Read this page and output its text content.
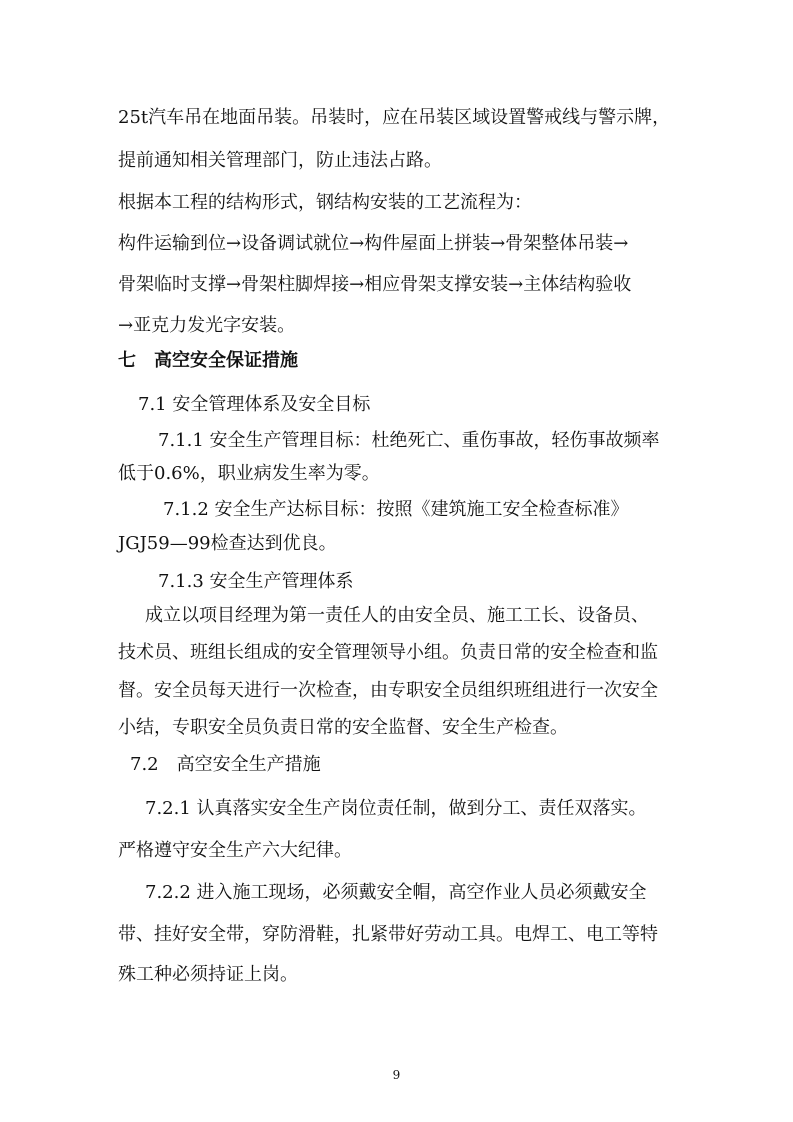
25t汽车吊在地面吊装。吊装时，应在吊装区域设置警戒线与警示牌，
提前通知相关管理部门，防止违法占路。
根据本工程的结构形式，钢结构安装的工艺流程为：
构件运输到位→设备调试就位→构件屋面上拼装→骨架整体吊装→
骨架临时支撑→骨架柱脚焊接→相应骨架支撑安装→主体结构验收
→亚克力发光字安装。
七　高空安全保证措施
7.1 安全管理体系及安全目标
7.1.1 安全生产管理目标：杜绝死亡、重伤事故，轻伤事故频率
低于0.6%，职业病发生率为零。
7.1.2 安全生产达标目标：按照《建筑施工安全检查标准》
JGJ59—99检查达到优良。
7.1.3 安全生产管理体系
成立以项目经理为第一责任人的由安全员、施工工长、设备员、
技术员、班组长组成的安全管理领导小组。负责日常的安全检查和监
督。安全员每天进行一次检查，由专职安全员组织班组进行一次安全
小结，专职安全员负责日常的安全监督、安全生产检查。
7.2　高空安全生产措施
7.2.1 认真落实安全生产岗位责任制，做到分工、责任双落实。
严格遵守安全生产六大纪律。
7.2.2 进入施工现场，必须戴安全帽，高空作业人员必须戴安全
带、挂好安全带，穿防滑鞋，扎紧带好劳动工具。电焊工、电工等特
殊工种必须持证上岗。
9
